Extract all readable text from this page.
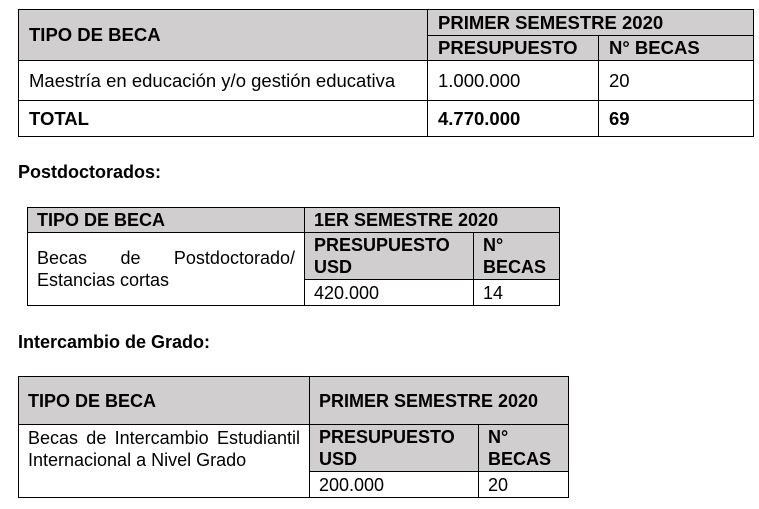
TIPO DE BECA	PRIMER SEMESTRE 2020	
	PRESUPUESTO	N° BECAS
Maestría en educación y/o gestión educativa	1.000.000	20
TOTAL	4.770.000	69
Postdoctorados:
TIPO DE BECA	1ER SEMESTRE 2020	

Becas de Postdoctorado/
Estancias cortas	PRESUPUESTO USD	N° BECAS
	420.000	14
Intercambio de Grado:
TIPO DE BECA	PRIMER SEMESTRE 2020	
Becas de Intercambio Estudiantil Internacional a Nivel Grado	PRESUPUESTO USD	N° BECAS
	200.000	20
